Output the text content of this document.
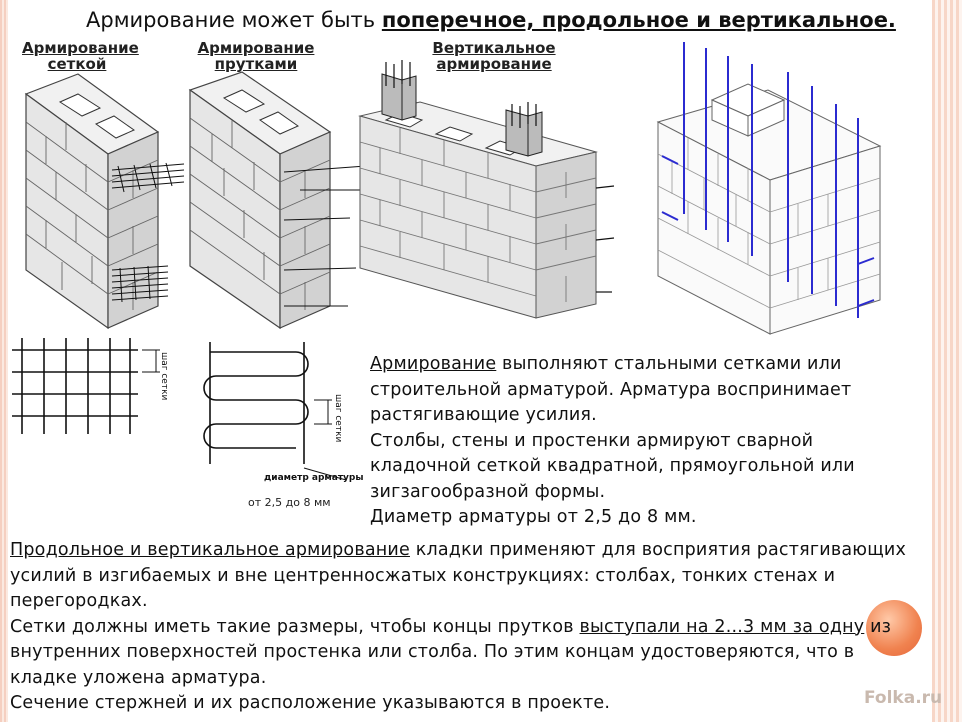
Армирование может быть поперечное, продольное и вертикальное.
Армирование
сеткой
Армирование
прутками
Вертикальное
армирование
шаг сетки
шаг сетки
диаметр арматуры
от 2,5 до 8 мм
Армирование выполняют стальными сетками или
строительной арматурой. Арматура воспринимает
растягивающие усилия.
Столбы, стены и простенки армируют сварной
кладочной сеткой квадратной, прямоугольной или
зигзагообразной формы.
Диаметр арматуры от 2,5 до 8 мм.
Продольное и вертикальное армирование кладки применяют для восприятия растягивающих
усилий в изгибаемых и вне центренносжатых конструкциях: столбах, тонких стенах и
перегородках.
Сетки должны иметь такие размеры, чтобы концы прутков выступали на 2...3 мм за одну из
внутренних поверхностей простенка или столба. По этим концам удостоверяются, что в
кладке уложена арматура.
Сечение стержней и их расположение указываются в проекте.	Folka.ru
